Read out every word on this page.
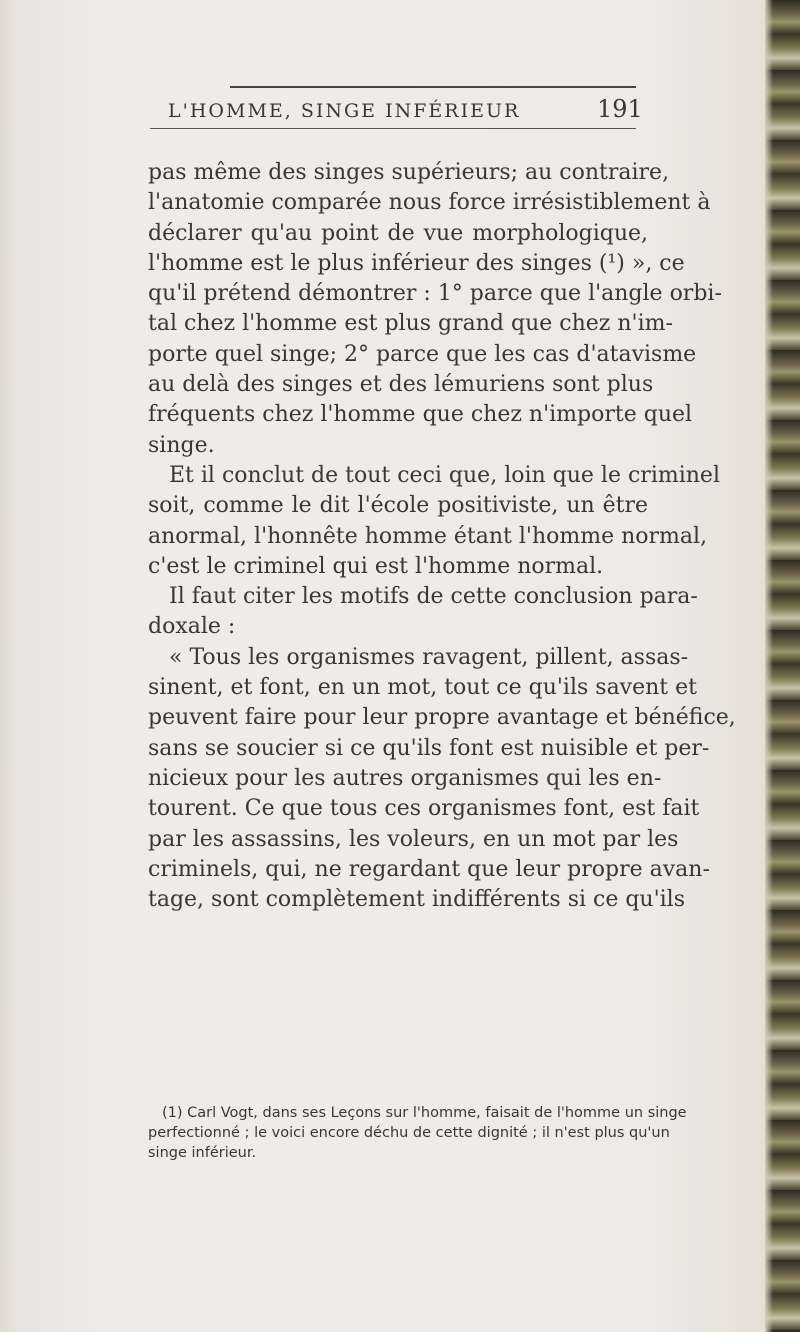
L'HOMME, SINGE INFÉRIEUR	191
pas même des singes supérieurs; au contraire,
l'anatomie comparée nous force irrésistiblement à
déclarer qu'au point de vue morphologique,
l'homme est le plus inférieur des singes (¹) », ce
qu'il prétend démontrer : 1° parce que l'angle orbi-
tal chez l'homme est plus grand que chez n'im-
porte quel singe; 2° parce que les cas d'atavisme
au delà des singes et des lémuriens sont plus
fréquents chez l'homme que chez n'importe quel
singe.
Et il conclut de tout ceci que, loin que le criminel
soit, comme le dit l'école positiviste, un être
anormal, l'honnête homme étant l'homme normal,
c'est le criminel qui est l'homme normal.
Il faut citer les motifs de cette conclusion para-
doxale :
« Tous les organismes ravagent, pillent, assas-
sinent, et font, en un mot, tout ce qu'ils savent et
peuvent faire pour leur propre avantage et bénéfice,
sans se soucier si ce qu'ils font est nuisible et per-
nicieux pour les autres organismes qui les en-
tourent. Ce que tous ces organismes font, est fait
par les assassins, les voleurs, en un mot par les
criminels, qui, ne regardant que leur propre avan-
tage, sont complètement indifférents si ce qu'ils
(1) Carl Vogt, dans ses Leçons sur l'homme, faisait de l'homme un singe
perfectionné ; le voici encore déchu de cette dignité ; il n'est plus qu'un
singe inférieur.
